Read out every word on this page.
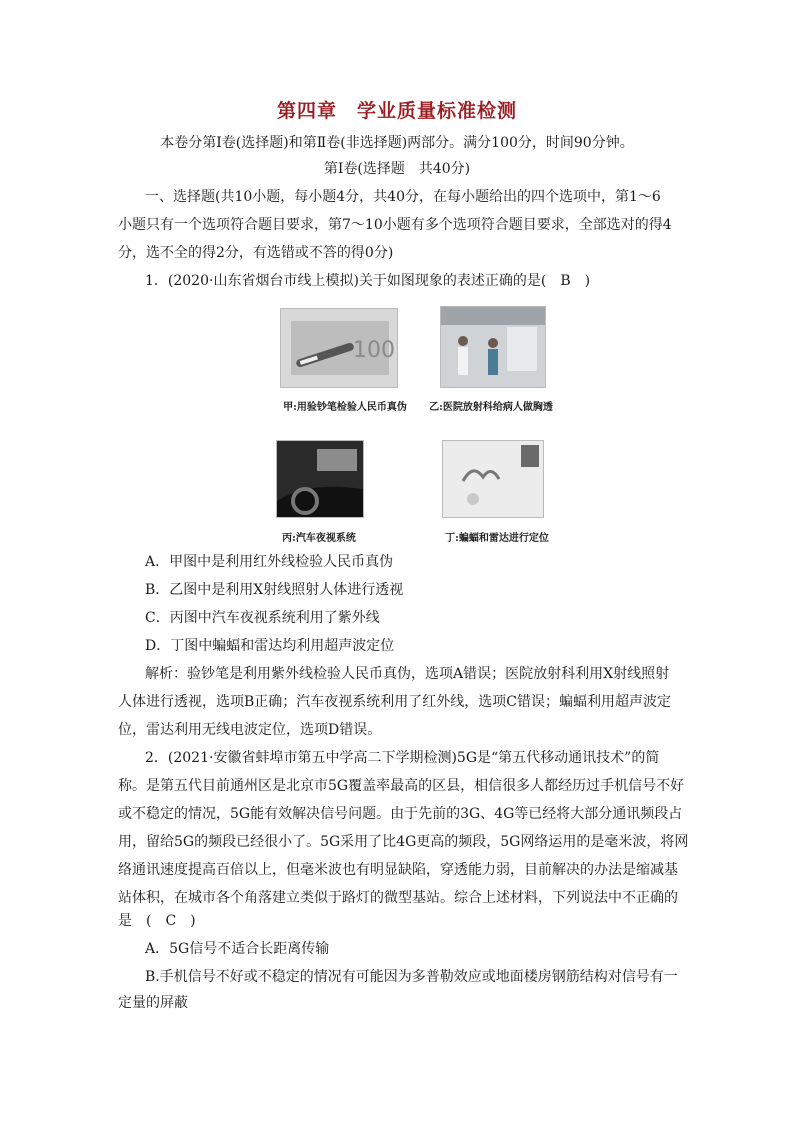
第四章　学业质量标准检测
本卷分第Ⅰ卷(选择题)和第Ⅱ卷(非选择题)两部分。满分100分，时间90分钟。
第Ⅰ卷(选择题　共40分)
一、选择题(共10小题，每小题4分，共40分，在每小题给出的四个选项中，第1～6
小题只有一个选项符合题目要求，第7～10小题有多个选项符合题目要求，全部选对的得4
分，选不全的得2分，有选错或不答的得0分)
1．(2020·山东省烟台市线上模拟)关于如图现象的表述正确的是(　B　)
100
甲:用验钞笔检验人民币真伪	乙:医院放射科给病人做胸透
丙:汽车夜视系统	丁:蝙蝠和雷达进行定位
A．甲图中是利用红外线检验人民币真伪
B．乙图中是利用X射线照射人体进行透视
C．丙图中汽车夜视系统利用了紫外线
D．丁图中蝙蝠和雷达均利用超声波定位
解析：验钞笔是利用紫外线检验人民币真伪，选项A错误；医院放射科利用X射线照射
人体进行透视，选项B正确；汽车夜视系统利用了红外线，选项C错误；蝙蝠利用超声波定
位，雷达利用无线电波定位，选项D错误。
2．(2021·安徽省蚌埠市第五中学高二下学期检测)5G是“第五代移动通讯技术”的简
称。是第五代目前通州区是北京市5G覆盖率最高的区县，相信很多人都经历过手机信号不好
或不稳定的情况，5G能有效解决信号问题。由于先前的3G、4G等已经将大部分通讯频段占
用，留给5G的频段已经很小了。5G采用了比4G更高的频段，5G网络运用的是毫米波，将网
络通讯速度提高百倍以上，但毫米波也有明显缺陷，穿透能力弱，目前解决的办法是缩减基
站体积，在城市各个角落建立类似于路灯的微型基站。综合上述材料，下列说法中不正确的
是　(　C　)
A．5G信号不适合长距离传输
B.手机信号不好或不稳定的情况有可能因为多普勒效应或地面楼房钢筋结构对信号有一
定量的屏蔽
